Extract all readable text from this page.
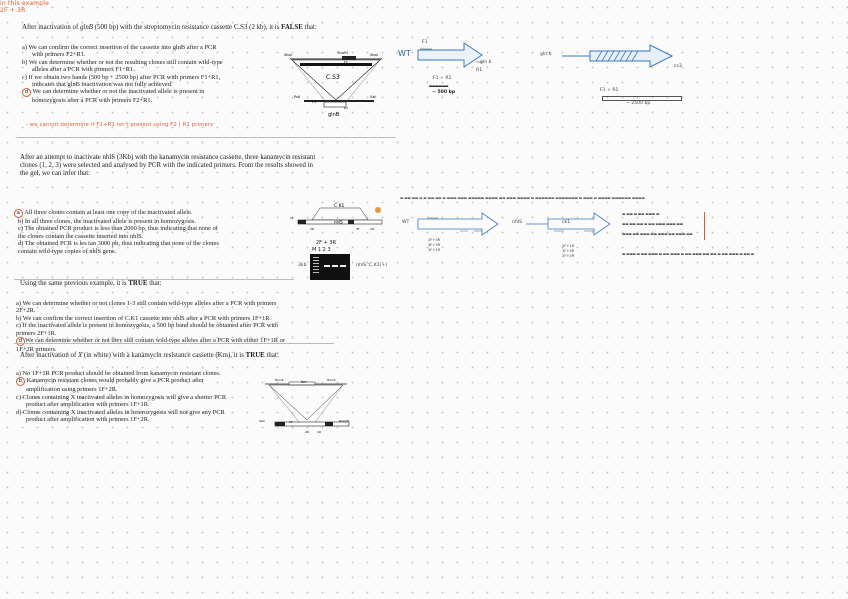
After inactivation of glnB (500 bp) with the streptomycin resistance cassette C.S3 (2 kb), it is FALSE that:
a) We can confirm the correct insertion of the cassette into glnB after a PCR
with primers F2+R1.
b) We can determine whether or not the resulting clones still contain wild-type
alleles after a PCR with primers F1+R1.
c) If we obtain two bands (500 bp + 2500 bp) after PCR with primers F1+R1,
indicates that glnB inactivation was not fully achieved.
d We can determine whether or not the inactivated allele is present in
homozygosis after a PCR with primers F2+R1.
- we cannot determine if F1+R1 isn't present using F2 | R1 primers
C.S3
XbaI	EcoRI	XbaI
F2
PstI	SalI
F1
glnB
R1
WT
gln b
F1
R1
F1 + R1
▬▬▬▬▬▬
~ 500 bp
gln b
cs3
F1 + R1
~ 2500 bp
After an attempt to inactivate nhlS (3Kb) with the kanamycin resistance cassette, three kanamycin resistant
clones (1, 2, 3) were selected and analysed by PCR with the indicated primers. From the results showed in
the gel, we can infer that:
a All three clones contain at least one copy of the inactivated allele.
b) In all three clones, the inactivated allele is present in homozygosis.
c) The obtained PCR product is less than 2000 bp, thus indicating that none of
the clones contain the cassette inserted into nhlS.
d) The obtained PCR is les tan 3000 pb, thus indicating that none of the clones
contain wild-type copies of nhlS gene.
C.K1
nhlS
1F
2R	3F	1R
2F + 3R
M 1 2 3
3kb	nhlS::C.K1(+)
Using the same previous example, it is TRUE that:
a) We can determine whether or not clones 1-3 still contain wild-type alleles after a PCR with primers
2F+2R.
b) We can confirm the correct insertion of C.K1 cassette into nhlS after a PCR with primers 1F+1R.
c) If the inactivated allele is present in homozygosis, a 500 bp band should be obtained after PCR with
primers 2F+1R.
d We can determine whether or not they still contain wild-type alleles after a PCR with either 1F+1R or
1F+2R primers.
After inactivation of X (in white) with a kanamycin resistance cassette (Km), it is TRUE that:
a) No 1F+1R PCR product should be obtained from kanamycin resistant clones.
b Kanamycin resistant clones would probably give a PCR product after
amplification using primers 1F+2R.
c) Clones containing X inactivated alleles in homozygosis will give a shorter PCR
product after amplification with primers 1F+1R.
d) Clones containing X inactivated alleles in heterozygosis will not give any PCR
product after amplification with primers 1F+2R.
Km
HincII	HincII
SstI	BamHI
1F
2R	1R
▬ ▬▬ ▬▬ ▬ ▬ ▬▬ ▬▬ ▬ ▬▬▬ ▬▬▬ ▬▬▬▬▬ ▬▬▬▬ ▬▬ ▬▬▬ ▬▬▬▬ ▬ ▬▬▬▬▬▬ ▬▬▬▬▬▬▬ ▬ ▬▬▬ ▬ ▬▬▬▬ ▬▬▬▬▬▬ ▬▬▬▬
WT
2F+3R
3F+3R
1F+1R
nhlS	ck1
2F+1R
1F+3R
2F+2R
▬ ▬▬ ▬ ▬▬ ▬▬▬ ▬
▬▬ ▬▬ ▬▬ ▬ ▬▬ ▬▬▬ ▬▬▬ ▬▬
▬▬▬ ▬▬ ▬▬▬ ▬▬ ▬▬▬ ▬▬ ▬▬▬ ▬▬
in this example
2F + 3R
▬ ▬▬▬ ▬ ▬▬ ▬▬▬ ▬ ▬▬ ▬▬▬ ▬ ▬▬ ▬▬▬ ▬▬ ▬▬ ▬ ▬▬ ▬▬▬ ▬ ▬▬ ▬
